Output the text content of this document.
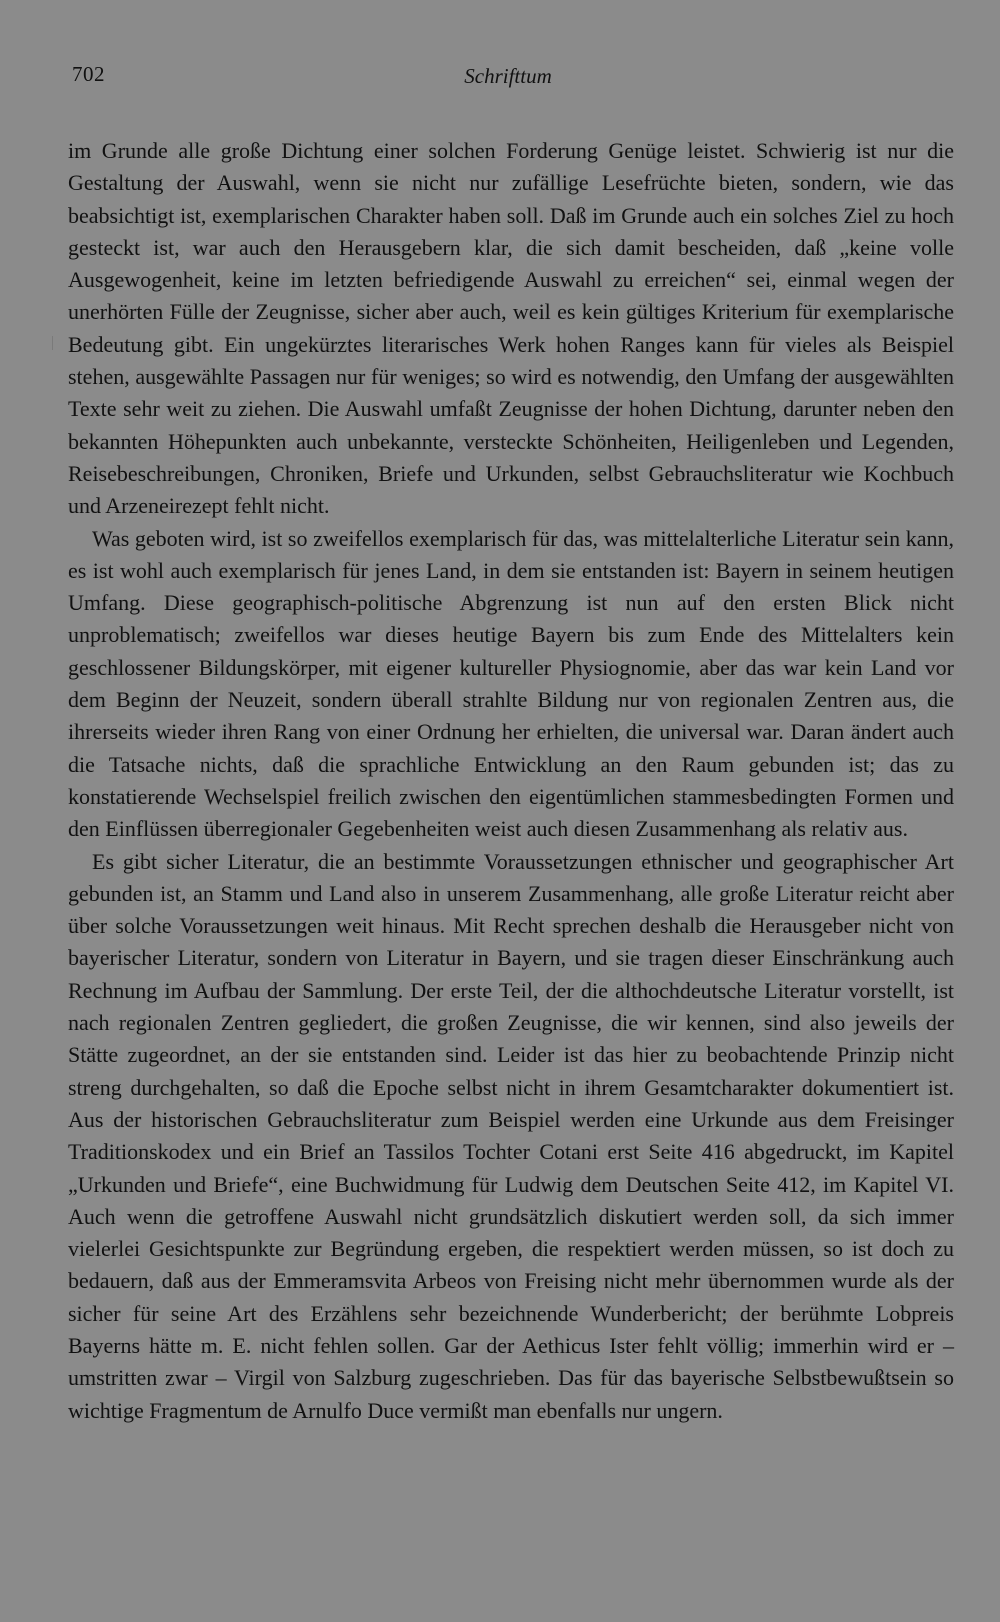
702	Schrifttum

im Grunde alle große Dichtung einer solchen Forderung Genüge leistet. Schwierig ist nur die Gestaltung der Auswahl, wenn sie nicht nur zufällige Lesefrüchte bieten, sondern, wie das beabsichtigt ist, exemplarischen Charakter haben soll. Daß im Grunde auch ein solches Ziel zu hoch gesteckt ist, war auch den Herausgebern klar, die sich damit bescheiden, daß „keine volle Ausgewogenheit, keine im letzten befriedigende Auswahl zu erreichen“ sei, einmal wegen der unerhörten Fülle der Zeugnisse, sicher aber auch, weil es kein gültiges Kriterium für exemplarische Bedeutung gibt. Ein ungekürztes literarisches Werk hohen Ranges kann für vieles als Beispiel stehen, ausgewählte Passagen nur für weniges; so wird es notwendig, den Umfang der ausgewählten Texte sehr weit zu ziehen. Die Auswahl umfaßt Zeugnisse der hohen Dichtung, darunter neben den bekannten Höhepunkten auch unbekannte, versteckte Schönheiten, Heiligenleben und Legenden, Reisebeschreibungen, Chroniken, Briefe und Urkunden, selbst Gebrauchsliteratur wie Kochbuch und Arzeneirezept fehlt nicht.

Was geboten wird, ist so zweifellos exemplarisch für das, was mittelalterliche Literatur sein kann, es ist wohl auch exemplarisch für jenes Land, in dem sie entstanden ist: Bayern in seinem heutigen Umfang. Diese geographisch-politische Abgrenzung ist nun auf den ersten Blick nicht unproblematisch; zweifellos war dieses heutige Bayern bis zum Ende des Mittelalters kein geschlossener Bildungskörper, mit eigener kultureller Physiognomie, aber das war kein Land vor dem Beginn der Neuzeit, sondern überall strahlte Bildung nur von regionalen Zentren aus, die ihrerseits wieder ihren Rang von einer Ordnung her erhielten, die universal war. Daran ändert auch die Tatsache nichts, daß die sprachliche Entwicklung an den Raum gebunden ist; das zu konstatierende Wechselspiel freilich zwischen den eigentümlichen stammesbedingten Formen und den Einflüssen überregionaler Gegebenheiten weist auch diesen Zusammenhang als relativ aus.

Es gibt sicher Literatur, die an bestimmte Voraussetzungen ethnischer und geographischer Art gebunden ist, an Stamm und Land also in unserem Zusammenhang, alle große Literatur reicht aber über solche Voraussetzungen weit hinaus. Mit Recht sprechen deshalb die Herausgeber nicht von bayerischer Literatur, sondern von Literatur in Bayern, und sie tragen dieser Einschränkung auch Rechnung im Aufbau der Sammlung. Der erste Teil, der die althochdeutsche Literatur vorstellt, ist nach regionalen Zentren gegliedert, die großen Zeugnisse, die wir kennen, sind also jeweils der Stätte zugeordnet, an der sie entstanden sind. Leider ist das hier zu beobachtende Prinzip nicht streng durchgehalten, so daß die Epoche selbst nicht in ihrem Gesamtcharakter dokumentiert ist. Aus der historischen Gebrauchsliteratur zum Beispiel werden eine Urkunde aus dem Freisinger Traditionskodex und ein Brief an Tassilos Tochter Cotani erst Seite 416 abgedruckt, im Kapitel „Urkunden und Briefe“, eine Buchwidmung für Ludwig dem Deutschen Seite 412, im Kapitel VI. Auch wenn die getroffene Auswahl nicht grundsätzlich diskutiert werden soll, da sich immer vielerlei Gesichtspunkte zur Begründung ergeben, die respektiert werden müssen, so ist doch zu bedauern, daß aus der Emmeramsvita Arbeos von Freising nicht mehr übernommen wurde als der sicher für seine Art des Erzählens sehr bezeichnende Wunderbericht; der berühmte Lobpreis Bayerns hätte m. E. nicht fehlen sollen. Gar der Aethicus Ister fehlt völlig; immerhin wird er – umstritten zwar – Virgil von Salzburg zugeschrieben. Das für das bayerische Selbstbewußtsein so wichtige Fragmentum de Arnulfo Duce vermißt man ebenfalls nur ungern.
